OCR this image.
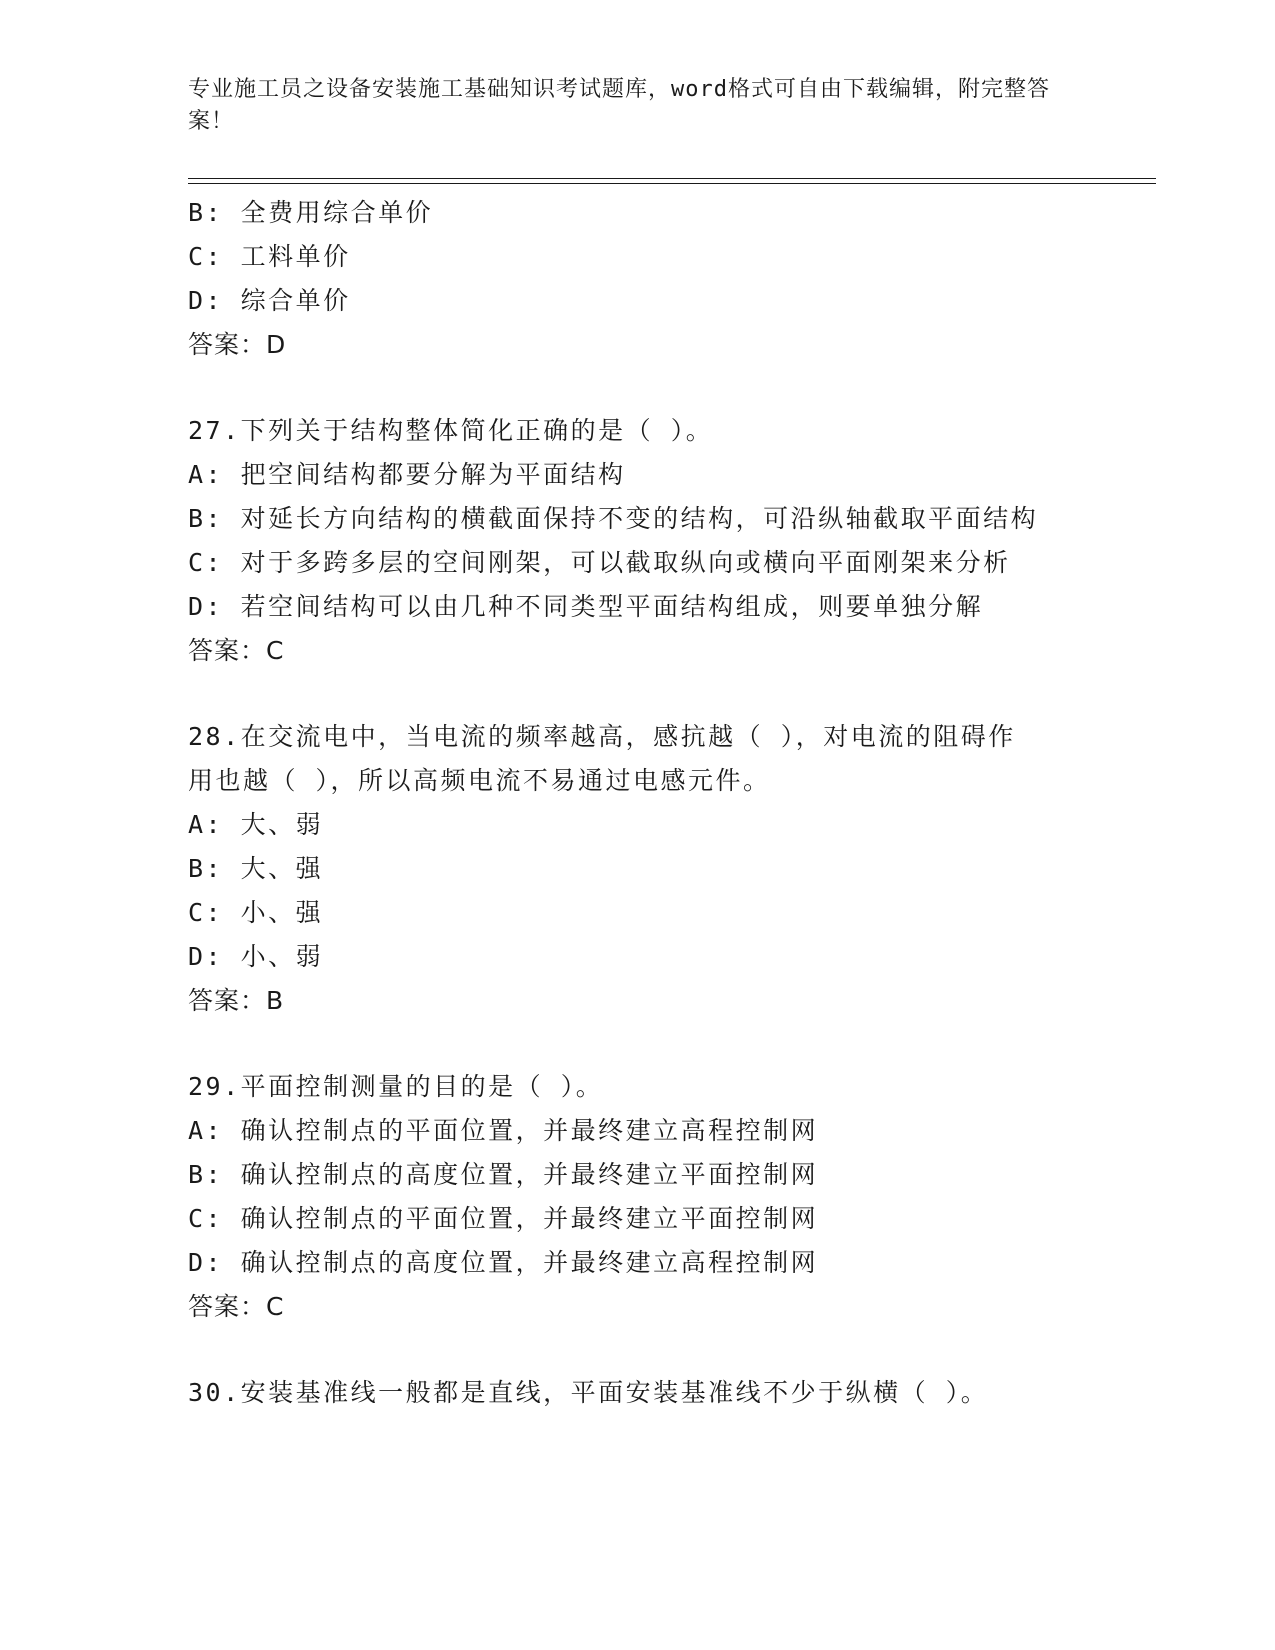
专业施工员之设备安装施工基础知识考试题库，word格式可自由下载编辑，附完整答案！
B: 全费用综合单价
C: 工料单价
D: 综合单价
答案：D
27.下列关于结构整体简化正确的是（ ）。
A: 把空间结构都要分解为平面结构
B: 对延长方向结构的横截面保持不变的结构，可沿纵轴截取平面结构
C: 对于多跨多层的空间刚架，可以截取纵向或横向平面刚架来分析
D: 若空间结构可以由几种不同类型平面结构组成，则要单独分解
答案：C
28.在交流电中，当电流的频率越高，感抗越（ ），对电流的阻碍作
用也越（ ），所以高频电流不易通过电感元件。
A: 大、弱
B: 大、强
C: 小、强
D: 小、弱
答案：B
29.平面控制测量的目的是（ ）。
A: 确认控制点的平面位置，并最终建立高程控制网
B: 确认控制点的高度位置，并最终建立平面控制网
C: 确认控制点的平面位置，并最终建立平面控制网
D: 确认控制点的高度位置，并最终建立高程控制网
答案：C
30.安装基准线一般都是直线，平面安装基准线不少于纵横（ ）。
